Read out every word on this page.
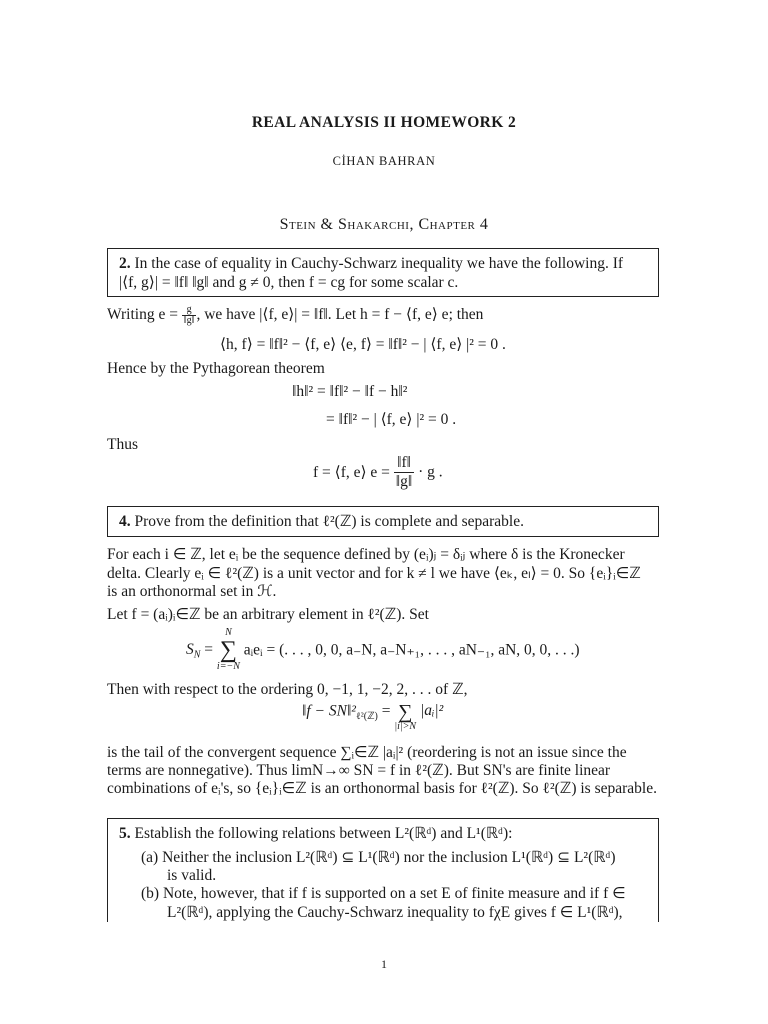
REAL ANALYSIS II HOMEWORK 2
CİHAN BAHRAN
Stein & Shakarchi, Chapter 4
2. In the case of equality in Cauchy-Schwarz inequality we have the following. If
|⟨f, g⟩| = ‖f‖ ‖g‖ and g ≠ 0, then f = cg for some scalar c.
Writing $e = \frac{g}{‖g‖}$ , we have |⟨f, e⟩| = ‖f‖. Let h = f − ⟨f, e⟩ e; then
⟨h, f⟩ = ‖f‖² − ⟨f, e⟩ ⟨e, f⟩ = ‖f‖² − | ⟨f, e⟩ |² = 0 .
Hence by the Pythagorean theorem
‖h‖² = ‖f‖² − ‖f − h‖²
= ‖f‖² − | ⟨f, e⟩ |² = 0 .
Thus
f = ⟨f, e⟩ $e = \frac{‖f‖}{‖g‖} \cdot g$ .
4. Prove from the definition that ℓ²(ℤ) is complete and separable.
For each i ∈ ℤ, let eᵢ be the sequence defined by (eᵢ)ⱼ = δᵢⱼ where δ is the Kronecker
delta. Clearly eᵢ ∈ ℓ²(ℤ) is a unit vector and for k ≠ l we have ⟨eₖ, eₗ⟩ = 0. So {eᵢ}ᵢ∈ℤ
is an orthonormal set in ℋ.
Let f = (aᵢ)ᵢ∈ℤ be an arbitrary element in ℓ²(ℤ). Set
$S_N$ =
N
∑
i=−N
aᵢeᵢ = (. . . , 0, 0, a₋N, a₋N₊₁, . . . , aN₋₁, aN, 0, 0, . . .)
Then with respect to the ordering 0, −1, 1, −2, 2, . . . of ℤ,
‖f − $SN‖^2_{\ell^2(ℤ)}$ = ∑
|i|>N
|aᵢ|²
is the tail of the convergent sequence ∑ᵢ∈ℤ |aᵢ|² (reordering is not an issue since the
terms are nonnegative). Thus limN→∞ SN = f in ℓ²(ℤ). But SN's are finite linear
combinations of eᵢ's, so {eᵢ}ᵢ∈ℤ is an orthonormal basis for ℓ²(ℤ). So ℓ²(ℤ) is separable.
5. Establish the following relations between L²(ℝᵈ) and L¹(ℝᵈ):
(a) Neither the inclusion L²(ℝᵈ) ⊆ L¹(ℝᵈ) nor the inclusion L¹(ℝᵈ) ⊆ L²(ℝᵈ)
is valid.
(b) Note, however, that if f is supported on a set E of finite measure and if f ∈
L²(ℝᵈ), applying the Cauchy-Schwarz inequality to fχE gives f ∈ L¹(ℝᵈ),
1
